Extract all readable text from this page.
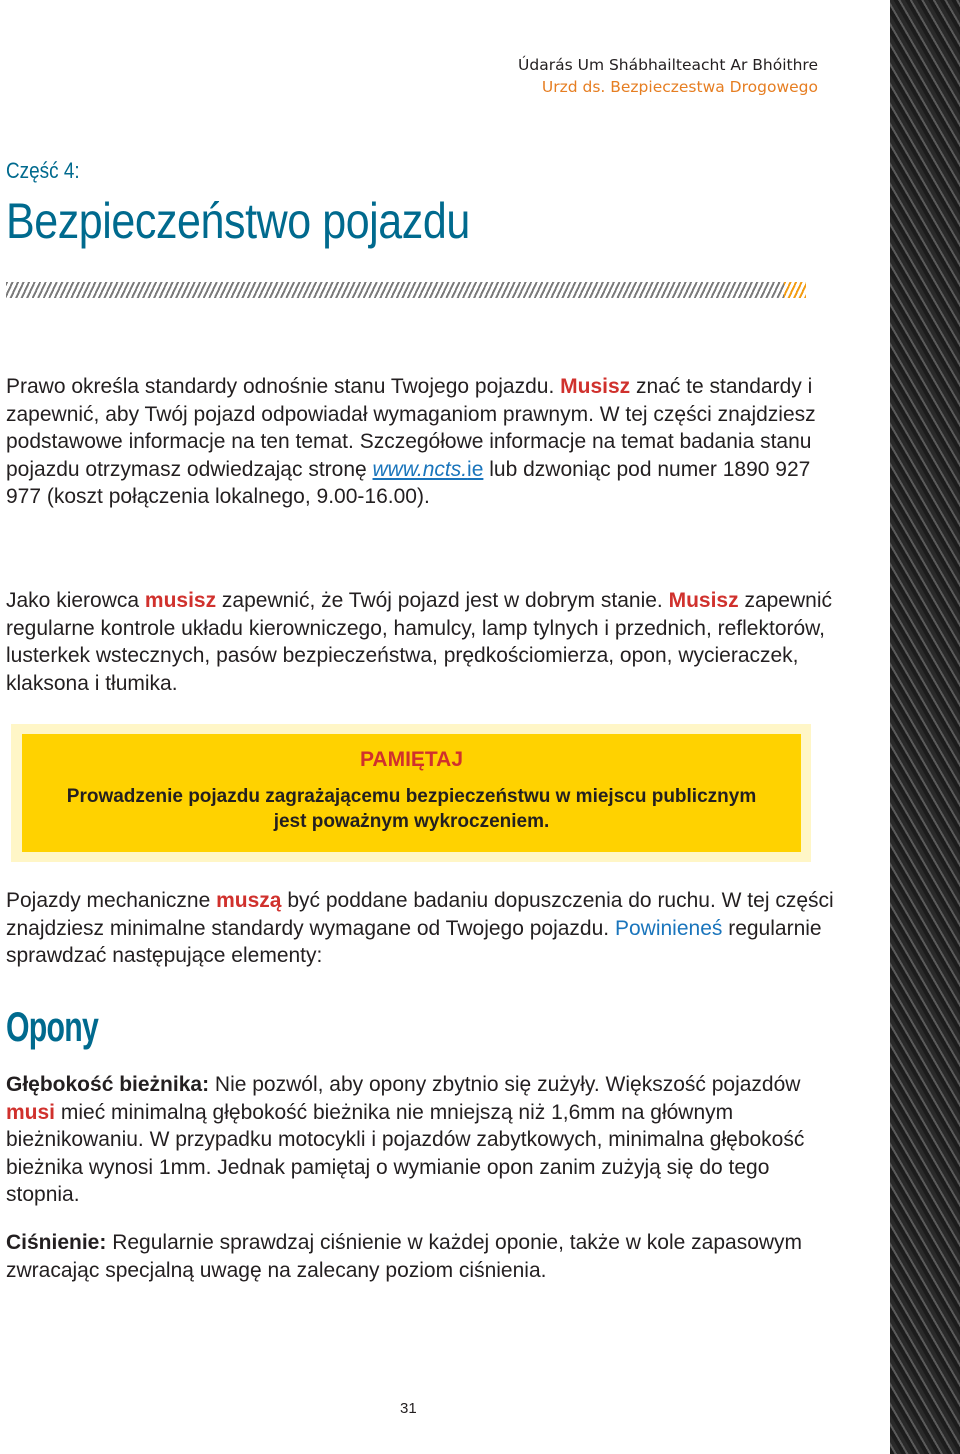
Údarás Um Shábhailteacht Ar Bhóithre
Urzd ds. Bezpieczestwa Drogowego
Część 4:
Bezpieczeństwo pojazdu

Prawo określa standardy odnośnie stanu Twojego pojazdu. Musisz znać te standardy i zapewnić, aby Twój pojazd odpowiadał wymaganiom prawnym. W tej części znajdziesz podstawowe informacje na ten temat. Szczegółowe informacje na temat badania stanu pojazdu otrzymasz odwiedzając stronę www.ncts.ie lub dzwoniąc pod numer 1890 927 977 (koszt połączenia lokalnego, 9.00-16.00).

Jako kierowca musisz zapewnić, że Twój pojazd jest w dobrym stanie. Musisz zapewnić regularne kontrole układu kierowniczego, hamulcy, lamp tylnych i przednich, reflektorów, lusterkek wstecznych, pasów bezpieczeństwa, prędkościomierza, opon, wycieraczek, klaksona i tłumika.

PAMIĘTAJ
Prowadzenie pojazdu zagrażającemu bezpieczeństwu w miejscu publicznym jest poważnym wykroczeniem.

Pojazdy mechaniczne muszą być poddane badaniu dopuszczenia do ruchu. W tej części znajdziesz minimalne standardy wymagane od Twojego pojazdu. Powinieneś regularnie sprawdzać następujące elementy:

Opony

Głębokość bieżnika: Nie pozwól, aby opony zbytnio się zużyły. Większość pojazdów musi mieć minimalną głębokość bieżnika nie mniejszą niż 1,6mm na głównym bieżnikowaniu. W przypadku motocykli i pojazdów zabytkowych, minimalna głębokość bieżnika wynosi 1mm. Jednak pamiętaj o wymianie opon zanim zużyją się do tego stopnia.

Ciśnienie: Regularnie sprawdzaj ciśnienie w każdej oponie, także w kole zapasowym zwracając specjalną uwagę na zalecany poziom ciśnienia.

31
